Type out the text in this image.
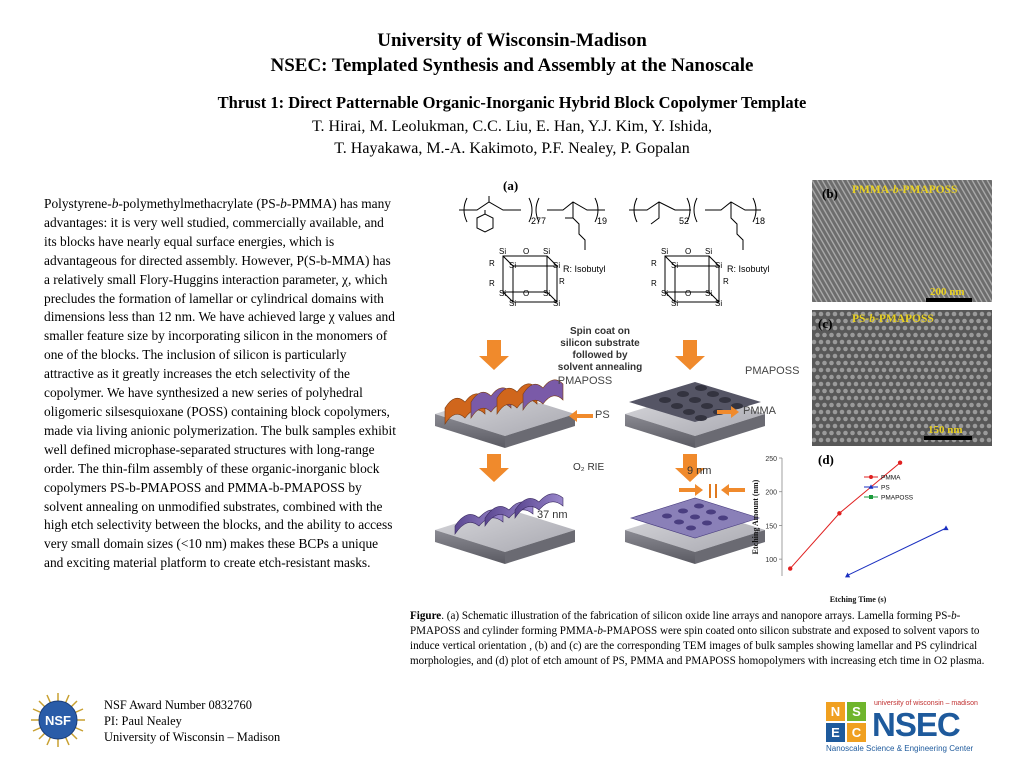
University of Wisconsin-Madison
NSEC: Templated Synthesis and Assembly at the Nanoscale
Thrust 1: Direct Patternable Organic-Inorganic Hybrid Block Copolymer Template
T. Hirai, M. Leolukman, C.C. Liu, E. Han, Y.J. Kim, Y. Ishida,
T. Hayakawa, M.-A. Kakimoto, P.F. Nealey, P. Gopalan
Polystyrene-b-polymethylmethacrylate (PS-b-PMMA) has many advantages: it is very well studied, commercially available, and its blocks have nearly equal surface energies, which is advantageous for directed assembly. However, P(S-b-MMA) has a relatively small Flory-Huggins interaction parameter, χ, which precludes the formation of lamellar or cylindrical domains with dimensions less than 12 nm. We have achieved large χ values and smaller feature size by incorporating silicon in the monomers of one of the blocks. The inclusion of silicon is particularly attractive as it greatly increases the etch selectivity of the copolymer. We have synthesized a new series of polyhedral oligomeric silsesquioxane (POSS) containing block copolymers, made via living anionic polymerization. The bulk samples exhibit well defined microphase-separated structures with long-range order. The thin-film assembly of these organic-inorganic block copolymers PS-b-PMAPOSS and PMMA-b-PMAPOSS by solvent annealing on unmodified substrates, combined with the high etch selectivity between the blocks, and the ability to access very small domain sizes (<10 nm) makes these BCPs a unique and exciting material platform to create etch-resistant masks.
(a)
277	19	52	18
R: Isobutyl	R: Isobutyl
Si	Si
Si	Si
Si	Si
Si	Si
O
O
R
R	R
Si	Si
Si	Si
Si	Si
Si	Si
O
O
R
R	R
Spin coat on
silicon substrate
followed by
solvent annealing
PMAPOSS
PS
PMAPOSS
PMMA
O₂ RIE	9 nm
37 nm
(b) PMMA-b-PMAPOSS
200 nm
(c) PS-b-PMAPOSS
150 nm
(d)
250
200
150
100
Etching Amount (nm)
Etching Time (s)
PMMA
PS
PMAPOSS
Figure. (a) Schematic illustration of the fabrication of silicon oxide line arrays and nanopore arrays. Lamella forming PS-b-PMAPOSS and cylinder forming PMMA-b-PMAPOSS were spin coated onto silicon substrate and exposed to solvent vapors to induce vertical orientation , (b) and (c) are the corresponding TEM images of bulk samples showing lamellar and PS cylindrical morphologies, and (d) plot of etch amount of PS, PMMA and PMAPOSS homopolymers with increasing etch time in O2 plasma.
NSF
NSF Award Number 0832760
PI: Paul Nealey
University of Wisconsin – Madison
N S
E C
university of wisconsin – madison
NSEC
Nanoscale Science & Engineering Center
